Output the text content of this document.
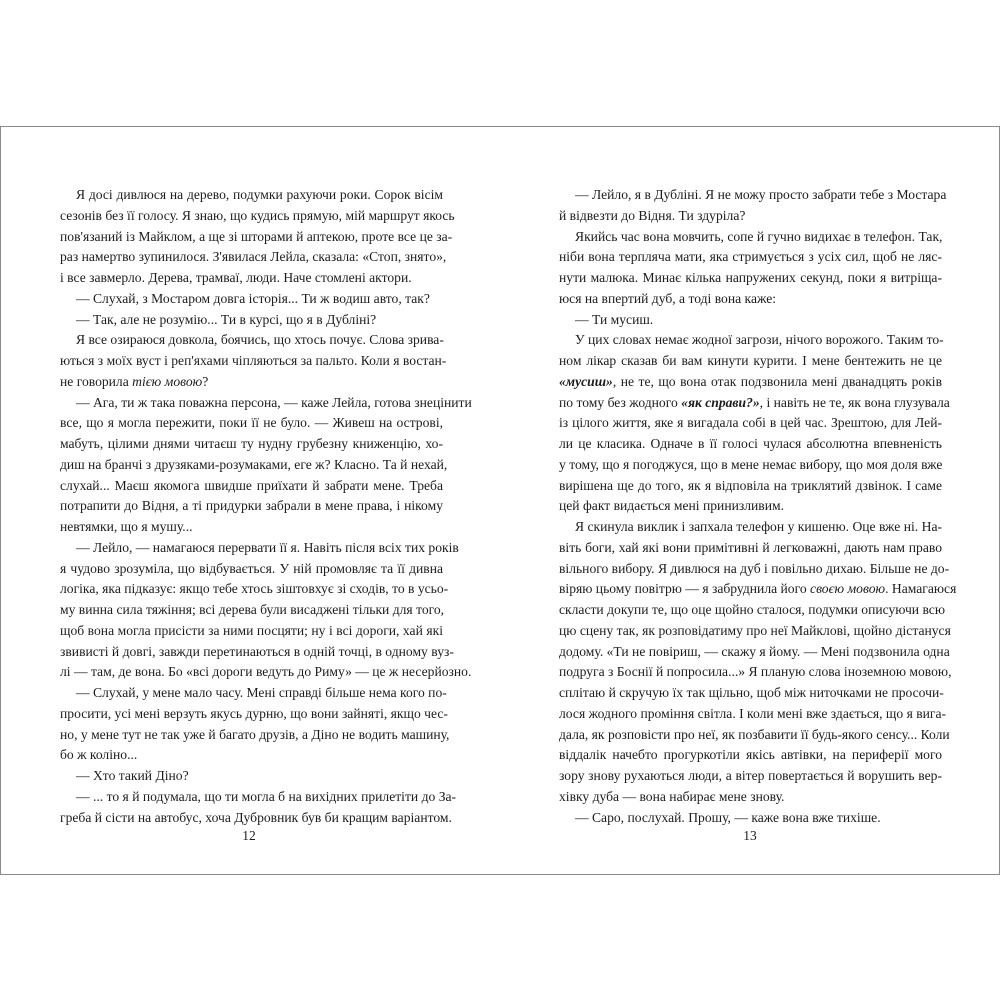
Я досі дивлюся на дерево, подумки рахуючи роки. Сорок вісім

сезонів без її голосу. Я знаю, що кудись прямую, мій маршрут якось

пов'язаний із Майклом, а ще зі шторами й аптекою, проте все це за-

раз намертво зупинилося. З'явилася Лейла, сказала: «Стоп, знято»,

і все завмерло. Дерева, трамваї, люди. Наче стомлені актори.

— Слухай, з Мостаром довга історія... Ти ж водиш авто, так?

— Так, але не розумію... Ти в курсі, що я в Дубліні?

Я все озираюся довкола, боячись, що хтось почує. Слова зрива-

ються з моїх вуст і реп'яхами чіпляються за пальто. Коли я востан-

не говорила тією мовою?

— Ага, ти ж така поважна персона, — каже Лейла, готова знецінити

все, що я могла пережити, поки її не було. — Живеш на острові,

мабуть, цілими днями читаєш ту нудну грубезну книженцію, хо-

диш на бранчі з друзяками-розумаками, еге ж? Класно. Та й нехай,

слухай... Маєш якомога швидше приїхати й забрати мене. Треба

потрапити до Відня, а ті придурки забрали в мене права, і нікому

невтямки, що я мушу...

— Лейло, — намагаюся перервати її я. Навіть після всіх тих років

я чудово зрозуміла, що відбувається. У ній промовляє та її дивна

логіка, яка підказує: якщо тебе хтось зіштовхує зі сходів, то в усьо-

му винна сила тяжіння; всі дерева були висаджені тільки для того,

щоб вона могла присісти за ними посцяти; ну і всі дороги, хай які

звивисті й довгі, завжди перетинаються в одній точці, в одному вуз-

лі — там, де вона. Бо «всі дороги ведуть до Риму» — це ж несерйозно.

— Слухай, у мене мало часу. Мені справді більше нема кого по-

просити, усі мені верзуть якусь дурню, що вони зайняті, якщо чес-

но, у мене тут не так уже й багато друзів, а Діно не водить машину,

бо ж коліно...

— Хто такий Діно?

— ... то я й подумала, що ти могла б на вихідних прилетіти до За-

греба й сісти на автобус, хоча Дубровник був би кращим варіантом.

— Лейло, я в Дубліні. Я не можу просто забрати тебе з Мостара

й відвезти до Відня. Ти здуріла?

Якийсь час вона мовчить, сопе й гучно видихає в телефон. Так,

ніби вона терпляча мати, яка стримується з усіх сил, щоб не ляс-

нути малюка. Минає кілька напружених секунд, поки я витріща-

юся на впертий дуб, а тоді вона каже:

— Ти мусиш.

У цих словах немає жодної загрози, нічого ворожого. Таким то-

ном лікар сказав би вам кинути курити. І мене бентежить не це

«мусиш», не те, що вона отак подзвонила мені дванадцять років

по тому без жодного «як справи?», і навіть не те, як вона глузувала

із цілого життя, яке я вигадала собі в цей час. Зрештою, для Лей-

ли це класика. Одначе в її голосі чулася абсолютна впевненість

у тому, що я погоджуся, що в мене немає вибору, що моя доля вже

вирішена ще до того, як я відповіла на триклятий дзвінок. І саме

цей факт видається мені принизливим.

Я скинула виклик і запхала телефон у кишеню. Оце вже ні. На-

віть боги, хай які вони примітивні й легковажні, дають нам право

вільного вибору. Я дивлюся на дуб і повільно дихаю. Більше не до-

віряю цьому повітрю — я забруднила його своєю мовою. Намагаюся

скласти докупи те, що оце щойно сталося, подумки описуючи всю

цю сцену так, як розповідатиму про неї Майклові, щойно дістануся

додому. «Ти не повіриш, — скажу я йому. — Мені подзвонила одна

подруга з Боснії й попросила...» Я планую слова іноземною мовою,

сплітаю й скручую їх так щільно, щоб між ниточками не просочи-

лося жодного проміння світла. І коли мені вже здається, що я вига-

дала, як розповісти про неї, як позбавити її будь-якого сенсу... Коли

віддалік начебто прогуркотіли якісь автівки, на периферії мого

зору знову рухаються люди, а вітер повертається й ворушить вер-

хівку дуба — вона набирає мене знову.

— Саро, послухай. Прошу, — каже вона вже тихіше.

12	13
